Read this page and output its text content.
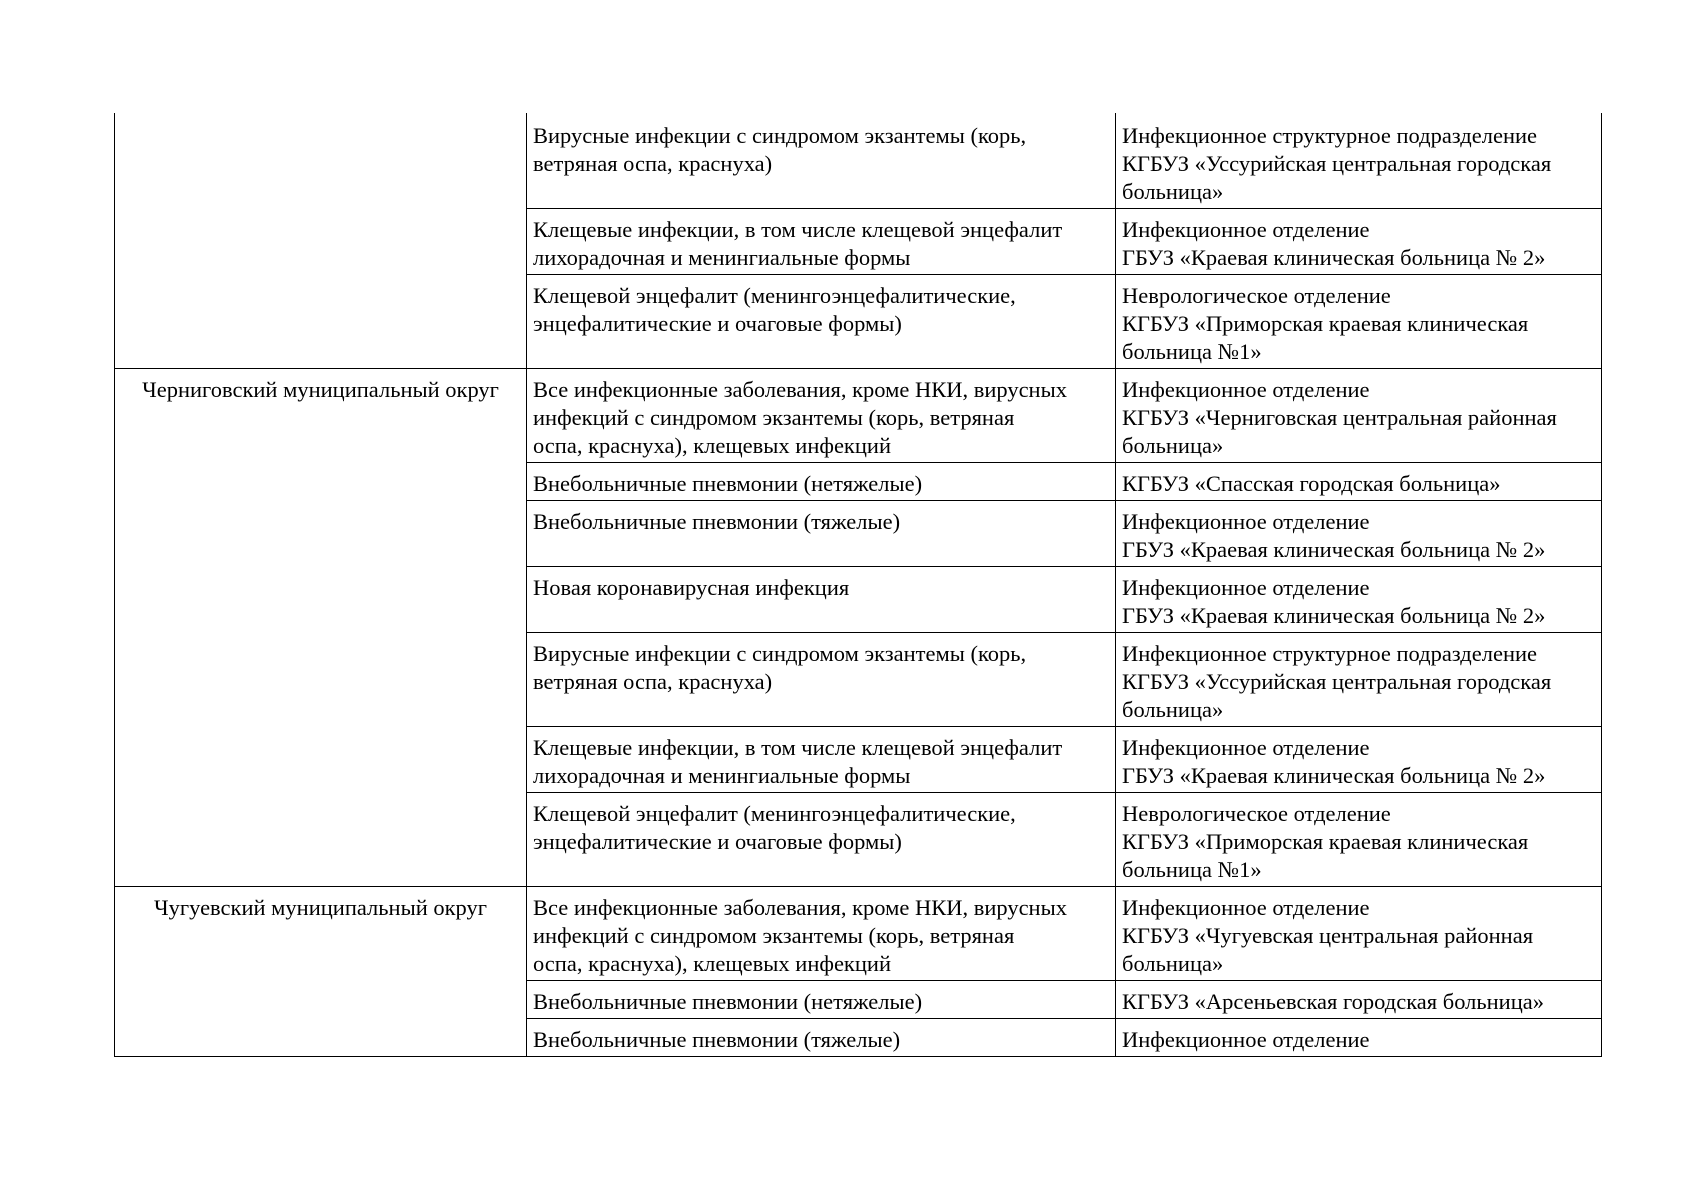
	Вирусные инфекции с синдромом экзантемы (корь,
ветряная оспа, краснуха)	Инфекционное структурное подразделение
КГБУЗ «Уссурийская центральная городская
больница»

	Клещевые инфекции, в том числе клещевой энцефалит
лихорадочная и менингиальные формы	Инфекционное отделение
ГБУЗ «Краевая клиническая больница № 2»

	Клещевой энцефалит (менингоэнцефалитические,
энцефалитические и очаговые формы)	Неврологическое отделение
КГБУЗ «Приморская краевая клиническая
больница №1»

Черниговский муниципальный округ	Все инфекционные заболевания, кроме НКИ, вирусных
инфекций с синдромом экзантемы (корь, ветряная
оспа, краснуха), клещевых инфекций	Инфекционное отделение
КГБУЗ «Черниговская центральная районная
больница»

	Внебольничные пневмонии (нетяжелые)	КГБУЗ «Спасская городская больница»

	Внебольничные пневмонии (тяжелые)	Инфекционное отделение
ГБУЗ «Краевая клиническая больница № 2»

	Новая коронавирусная инфекция	Инфекционное отделение
ГБУЗ «Краевая клиническая больница № 2»

	Вирусные инфекции с синдромом экзантемы (корь,
ветряная оспа, краснуха)	Инфекционное структурное подразделение
КГБУЗ «Уссурийская центральная городская
больница»

	Клещевые инфекции, в том числе клещевой энцефалит
лихорадочная и менингиальные формы	Инфекционное отделение
ГБУЗ «Краевая клиническая больница № 2»

	Клещевой энцефалит (менингоэнцефалитические,
энцефалитические и очаговые формы)	Неврологическое отделение
КГБУЗ «Приморская краевая клиническая
больница №1»

Чугуевский муниципальный округ	Все инфекционные заболевания, кроме НКИ, вирусных
инфекций с синдромом экзантемы (корь, ветряная
оспа, краснуха), клещевых инфекций	Инфекционное отделение
КГБУЗ «Чугуевская центральная районная
больница»

	Внебольничные пневмонии (нетяжелые)	КГБУЗ «Арсеньевская городская больница»

	Внебольничные пневмонии (тяжелые)	Инфекционное отделение
